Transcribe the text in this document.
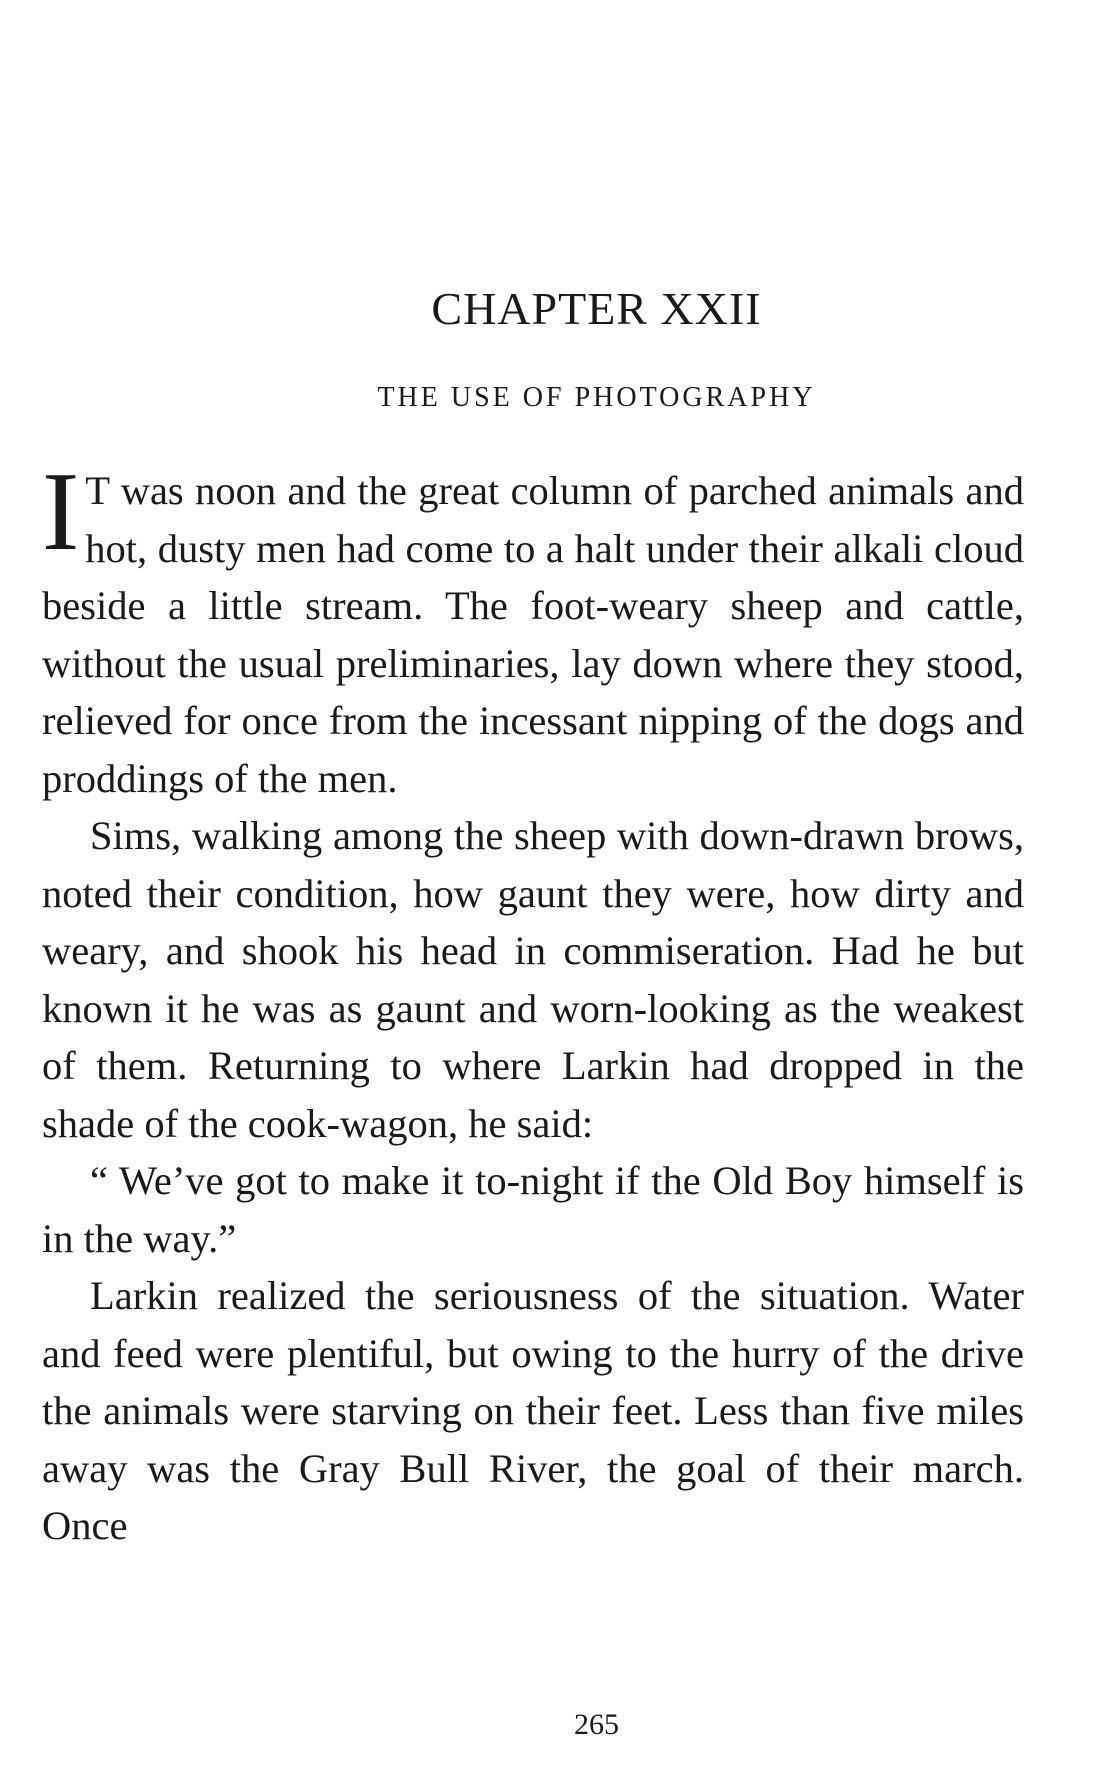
CHAPTER XXII
THE USE OF PHOTOGRAPHY

I T was noon and the great column of parched animals and hot, dusty men had come to a halt under their alkali cloud beside a little stream. The foot-weary sheep and cattle, without the usual preliminaries, lay down where they stood, relieved for once from the incessant nipping of the dogs and proddings of the men.

Sims, walking among the sheep with down-drawn brows, noted their condition, how gaunt they were, how dirty and weary, and shook his head in commiseration. Had he but known it he was as gaunt and worn-looking as the weakest of them. Returning to where Larkin had dropped in the shade of the cook-wagon, he said:

“ We’ve got to make it to-night if the Old Boy himself is in the way.”

Larkin realized the seriousness of the situation. Water and feed were plentiful, but owing to the hurry of the drive the animals were starving on their feet. Less than five miles away was the Gray Bull River, the goal of their march. Once

265
